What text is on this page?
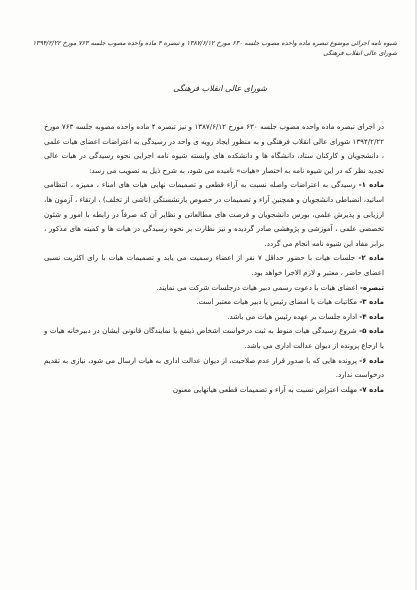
شیوه نامه اجرائی موضوع تبصره ماده واحده مصوب جلسه ۶۳۰ مورخ ۱۳۸۷/۶/۱۲ و تبصره ۴ ماده واحده مصوب جلسه ۷۶۳ مورخ ۱۳۹۴/۲/۲۲
شورای عالی انقلاب فرهنگی
شورای عالی انقلاب فرهنگی

در اجرای تبصره ماده واحده مصوب جلسه ۶۳۰ مورخ ۱۳۸۷/۶/۱۲ و نیز تبصره ۴ ماده واحده مصوبه جلسه ۷۶۳ مورخ ۱۳۹۴/۲/۲۲ شورای عالی انقلاب فرهنگی و به منظور ایجاد رویه ی واحد در رسیدگی به اعتراضات اعضای هیات علمی ، دانشجویان و کارکنان ستاد، دانشگاه ها و دانشکده های وابسته شیوه نامه اجرایی نحوه رسیدگی در هیات عالی تجدید نظر که در این شیوه نامه به اختصار «هیات» نامیده می شود، به شرح ذیل به تصویب می رسد:

ماده ۱- رسیدگی به اعتراضات واصله نسبت به آراء قطعی و تصمیمات نهایی هیات های امناء ، ممیزه ، انتظامی اساتید، انضباطی دانشجویان و همچنین آراء و تصمیمات در خصوص بازنشستگی (ناشی از تخلف) ، ارتقاء ، آزمون ها، ارزیابی و پذیرش علمی، بورس دانشجویان و فرصت های مطالعاتی و نظایر آن که صرفاً در رابطه با امور و شئون تخصصی علمی ، آموزشی و پژوهشی صادر گردیده و نیز نظارت بر نحوه رسیدگی در هیات ها و کمیته های مذکور ، برابر مفاد این شیوه نامه انجام می گردد.

ماده ۲- جلسات هیات با حضور حداقل ۷ نفر از اعضاء رسمیت می یابد و تصمیمات هیات با رای اکثریت نسبی اعضای حاضر ، معتبر و لازم الاجرا خواهد بود.

تبصره- اعضای هیات با دعوت رسمی دبیر هیات درجلسات شرکت می نمایند.

ماده ۳- مکاتبات هیات با امضای رئیس یا دبیر هیات معتبر است.

ماده ۴- اداره جلسات بر عهده رئیس هیات می باشد.

ماده ۵- شروع رسیدگی هیات منوط به ثبت درخواست اشخاص ذینفع یا نمایندگان قانونی ایشان در دبیرخانه هیات و یا ارجاع پرونده از دیوان عدالت اداری می باشد.

ماده ۶- پرونده هایی که با صدور قرار عدم صلاحیت، از دیوان عدالت اداری به هیات ارسال می شود، نیازی به تقدیم درخواست ندارد.

ماده ۷- مهلت اعتراض نسبت به آراء و تصمیمات قطعی هیاتهایی معنون
